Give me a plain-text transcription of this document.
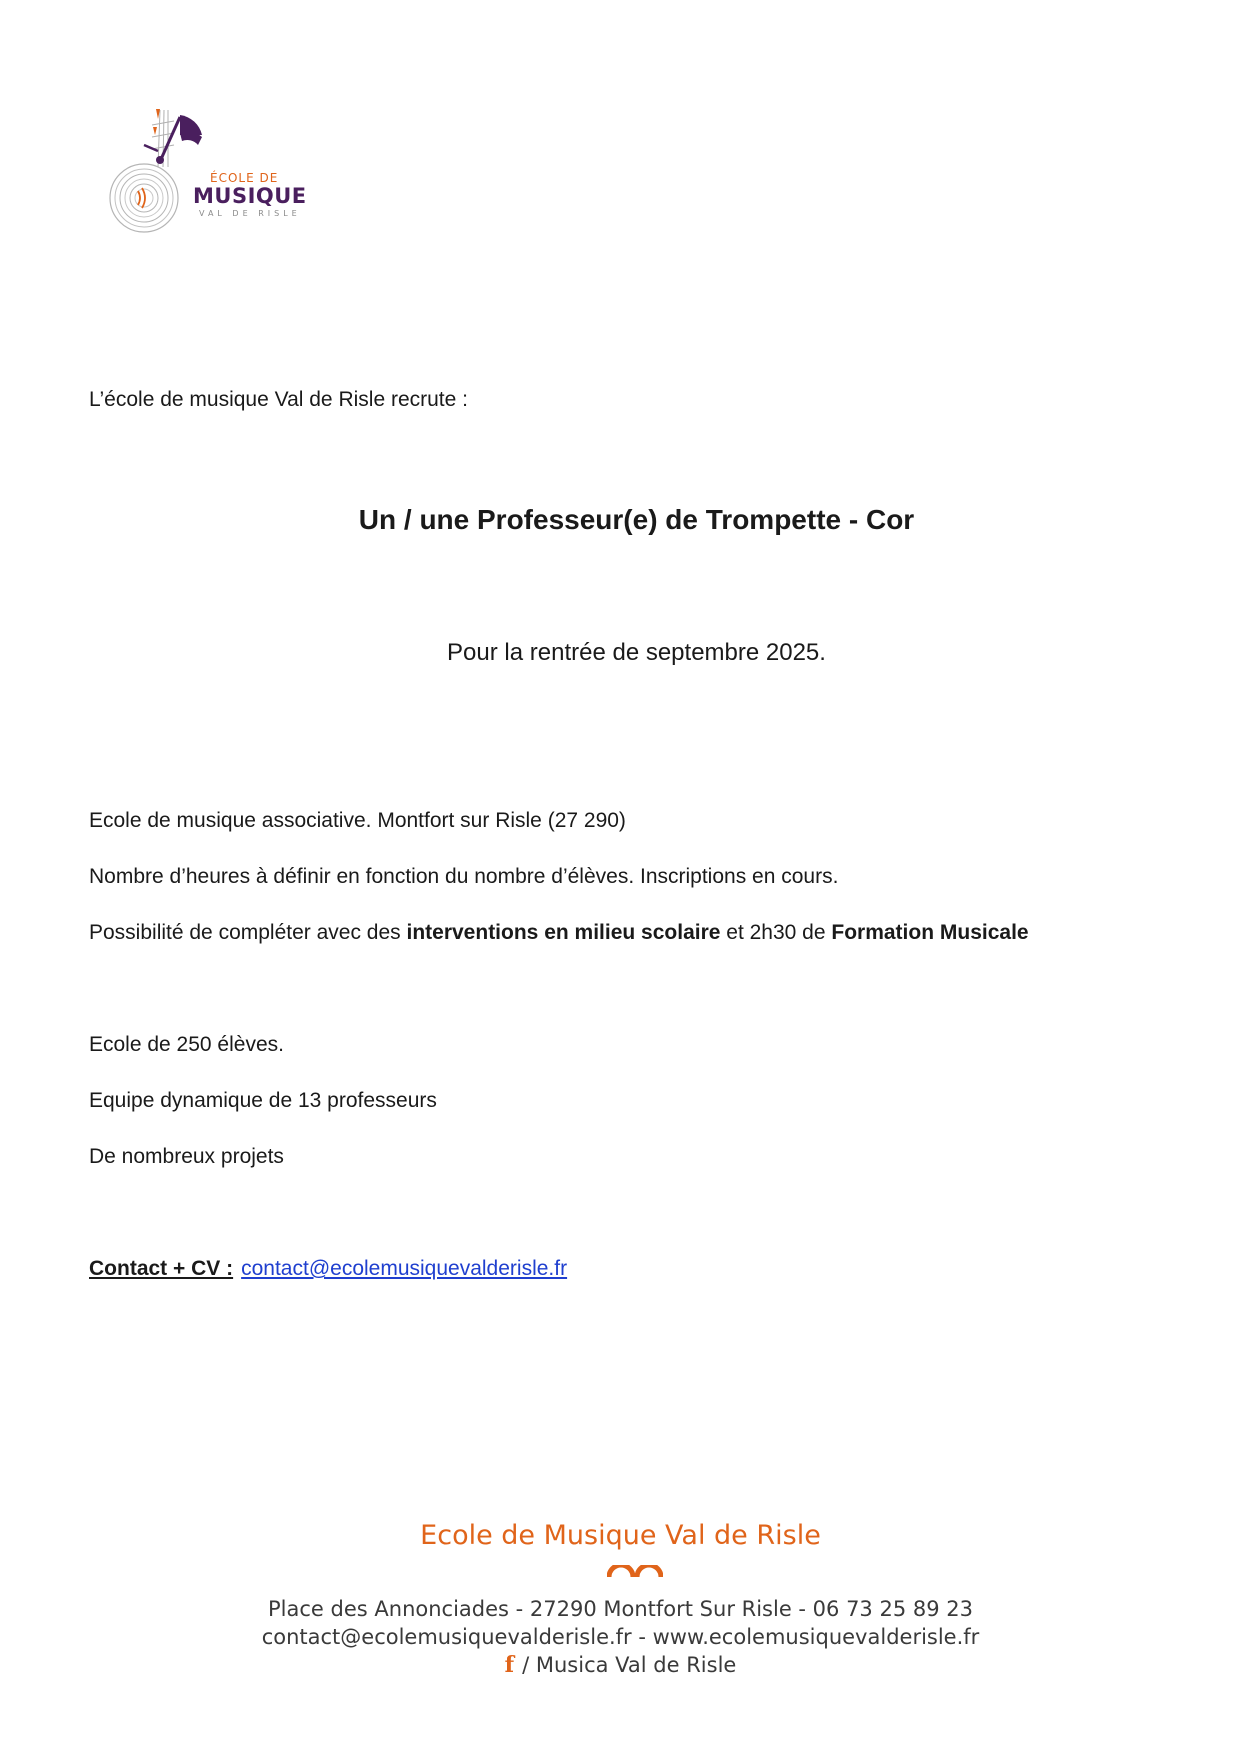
ÉCOLE DE
MUSIQUE
VAL DE RISLE
L’école de musique Val de Risle recrute :
Un / une Professeur(e) de Trompette - Cor
Pour la rentrée de septembre 2025.
Ecole de musique associative. Montfort sur Risle (27 290)
Nombre d’heures à définir en fonction du nombre d’élèves. Inscriptions en cours.
Possibilité de compléter avec des interventions en milieu scolaire et 2h30 de Formation Musicale
Ecole de 250 élèves.
Equipe dynamique de 13 professeurs
De nombreux projets
Contact + CV : contact@ecolemusiquevalderisle.fr
Ecole de Musique Val de Risle
Place des Annonciades - 27290 Montfort Sur Risle - 06 73 25 89 23
contact@ecolemusiquevalderisle.fr - www.ecolemusiquevalderisle.fr
f / Musica Val de Risle
